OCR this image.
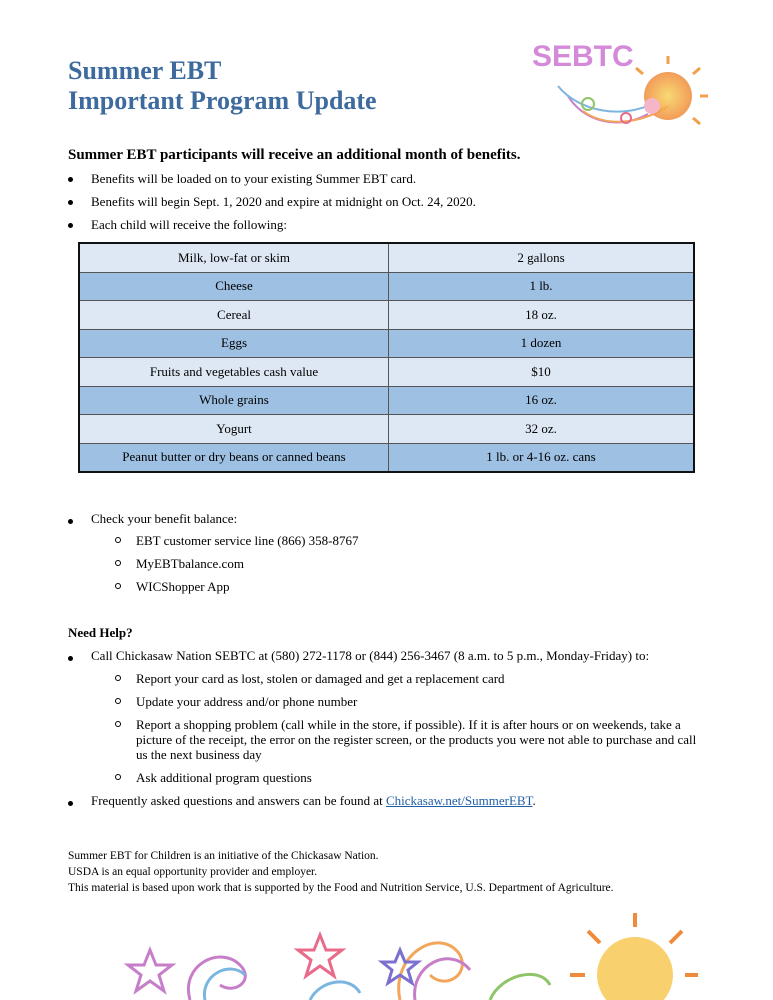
Summer EBT
Important Program Update
SEBTC
Summer EBT participants will receive an additional month of benefits.
Benefits will be loaded on to your existing Summer EBT card.
Benefits will begin Sept. 1, 2020 and expire at midnight on Oct. 24, 2020.
Each child will receive the following:
Milk, low-fat or skim	2 gallons
Cheese	1 lb.
Cereal	18 oz.
Eggs	1 dozen
Fruits and vegetables cash value	$10
Whole grains	16 oz.
Yogurt	32 oz.
Peanut butter or dry beans or canned beans	1 lb. or 4-16 oz. cans
Check your benefit balance:
EBT customer service line (866) 358-8767
MyEBTbalance.com
WICShopper App
Need Help?
Call Chickasaw Nation SEBTC at (580) 272-1178 or (844) 256-3467 (8 a.m. to 5 p.m., Monday-Friday) to:
Report your card as lost, stolen or damaged and get a replacement card
Update your address and/or phone number
Report a shopping problem (call while in the store, if possible). If it is after hours or on weekends, take a picture of the receipt, the error on the register screen, or the products you were not able to purchase and call us the next business day
Ask additional program questions
Frequently asked questions and answers can be found at Chickasaw.net/SummerEBT.
Summer EBT for Children is an initiative of the Chickasaw Nation.
USDA is an equal opportunity provider and employer.
This material is based upon work that is supported by the Food and Nutrition Service, U.S. Department of Agriculture.
